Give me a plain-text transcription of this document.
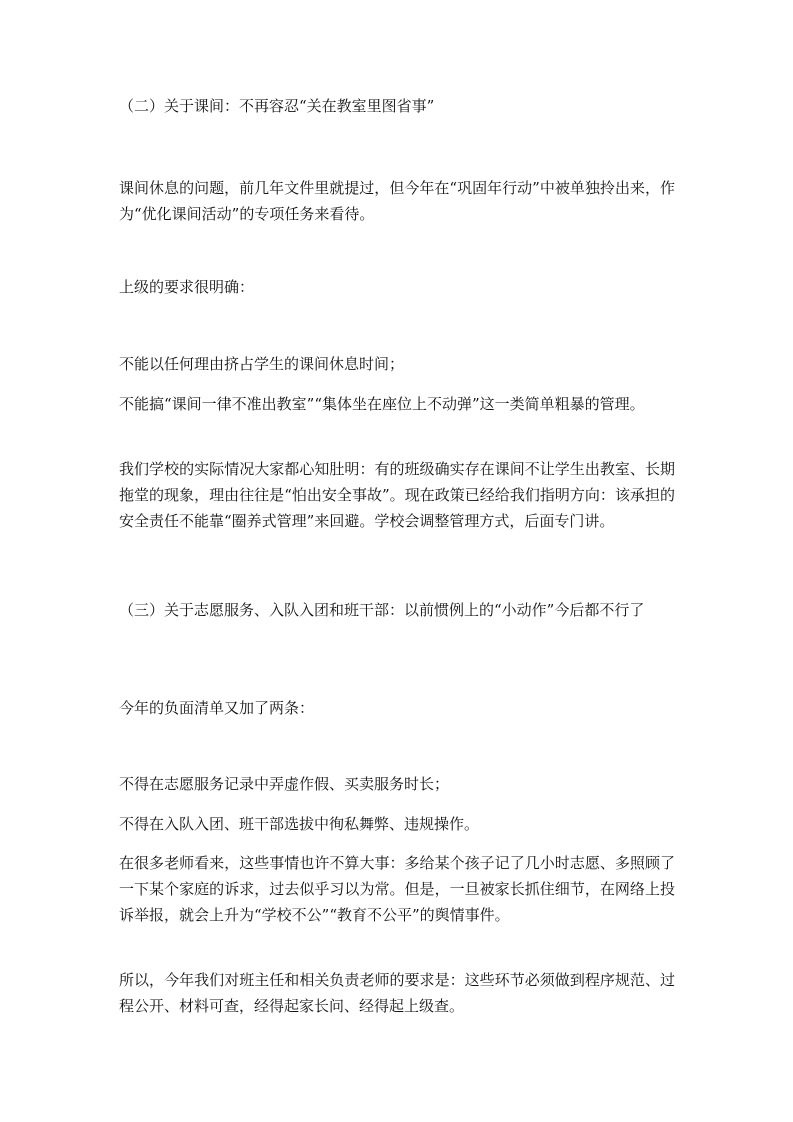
（二）关于课间：不再容忍“关在教室里图省事”

课间休息的问题，前几年文件里就提过，但今年在“巩固年行动”中被单独拎出来，作为“优化课间活动”的专项任务来看待。

上级的要求很明确：

不能以任何理由挤占学生的课间休息时间；

不能搞“课间一律不准出教室”“集体坐在座位上不动弹”这一类简单粗暴的管理。

我们学校的实际情况大家都心知肚明：有的班级确实存在课间不让学生出教室、长期拖堂的现象，理由往往是“怕出安全事故”。现在政策已经给我们指明方向：该承担的安全责任不能靠“圈养式管理”来回避。学校会调整管理方式，后面专门讲。

（三）关于志愿服务、入队入团和班干部：以前惯例上的“小动作”今后都不行了

今年的负面清单又加了两条：

不得在志愿服务记录中弄虚作假、买卖服务时长；

不得在入队入团、班干部选拔中徇私舞弊、违规操作。

在很多老师看来，这些事情也许不算大事：多给某个孩子记了几小时志愿、多照顾了一下某个家庭的诉求，过去似乎习以为常。但是，一旦被家长抓住细节，在网络上投诉举报，就会上升为“学校不公”“教育不公平”的舆情事件。

所以，今年我们对班主任和相关负责老师的要求是：这些环节必须做到程序规范、过程公开、材料可查，经得起家长问、经得起上级查。
